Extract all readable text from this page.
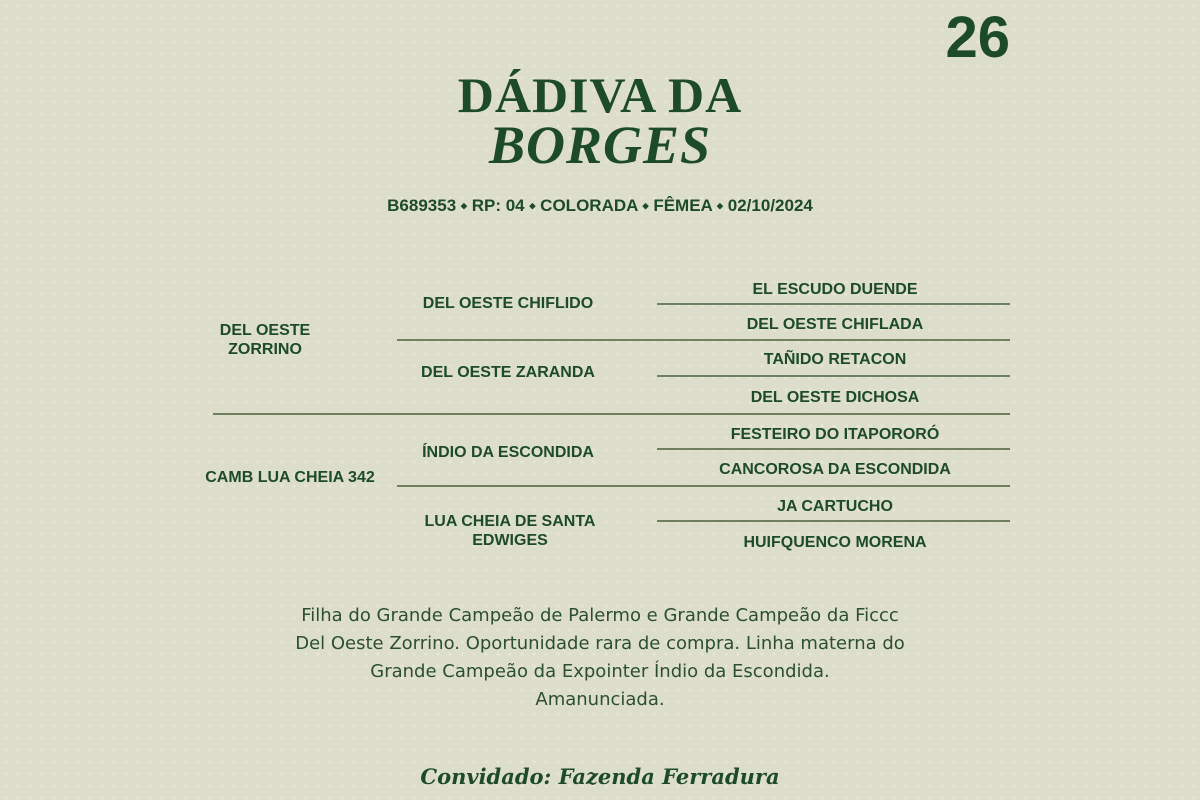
26
DÁDIVA DA
BORGES
B689353 ⬩ RP: 04 ⬩ COLORADA ⬩ FÊMEA ⬩ 02/10/2024
DEL OESTE ZORRINO
CAMB LUA CHEIA 342
DEL OESTE CHIFLIDO
DEL OESTE ZARANDA
ÍNDIO DA ESCONDIDA
LUA CHEIA DE SANTA EDWIGES
EL ESCUDO DUENDE
DEL OESTE CHIFLADA
TAÑIDO RETACON
DEL OESTE DICHOSA
FESTEIRO DO ITAPORORÓ
CANCOROSA DA ESCONDIDA
JA CARTUCHO
HUIFQUENCO MORENA
Filha do Grande Campeão de Palermo e Grande Campeão da Ficcc
Del Oeste Zorrino. Oportunidade rara de compra. Linha materna do
Grande Campeão da Expointer Índio da Escondida.
Amanunciada.
Convidado: Fazenda Ferradura
